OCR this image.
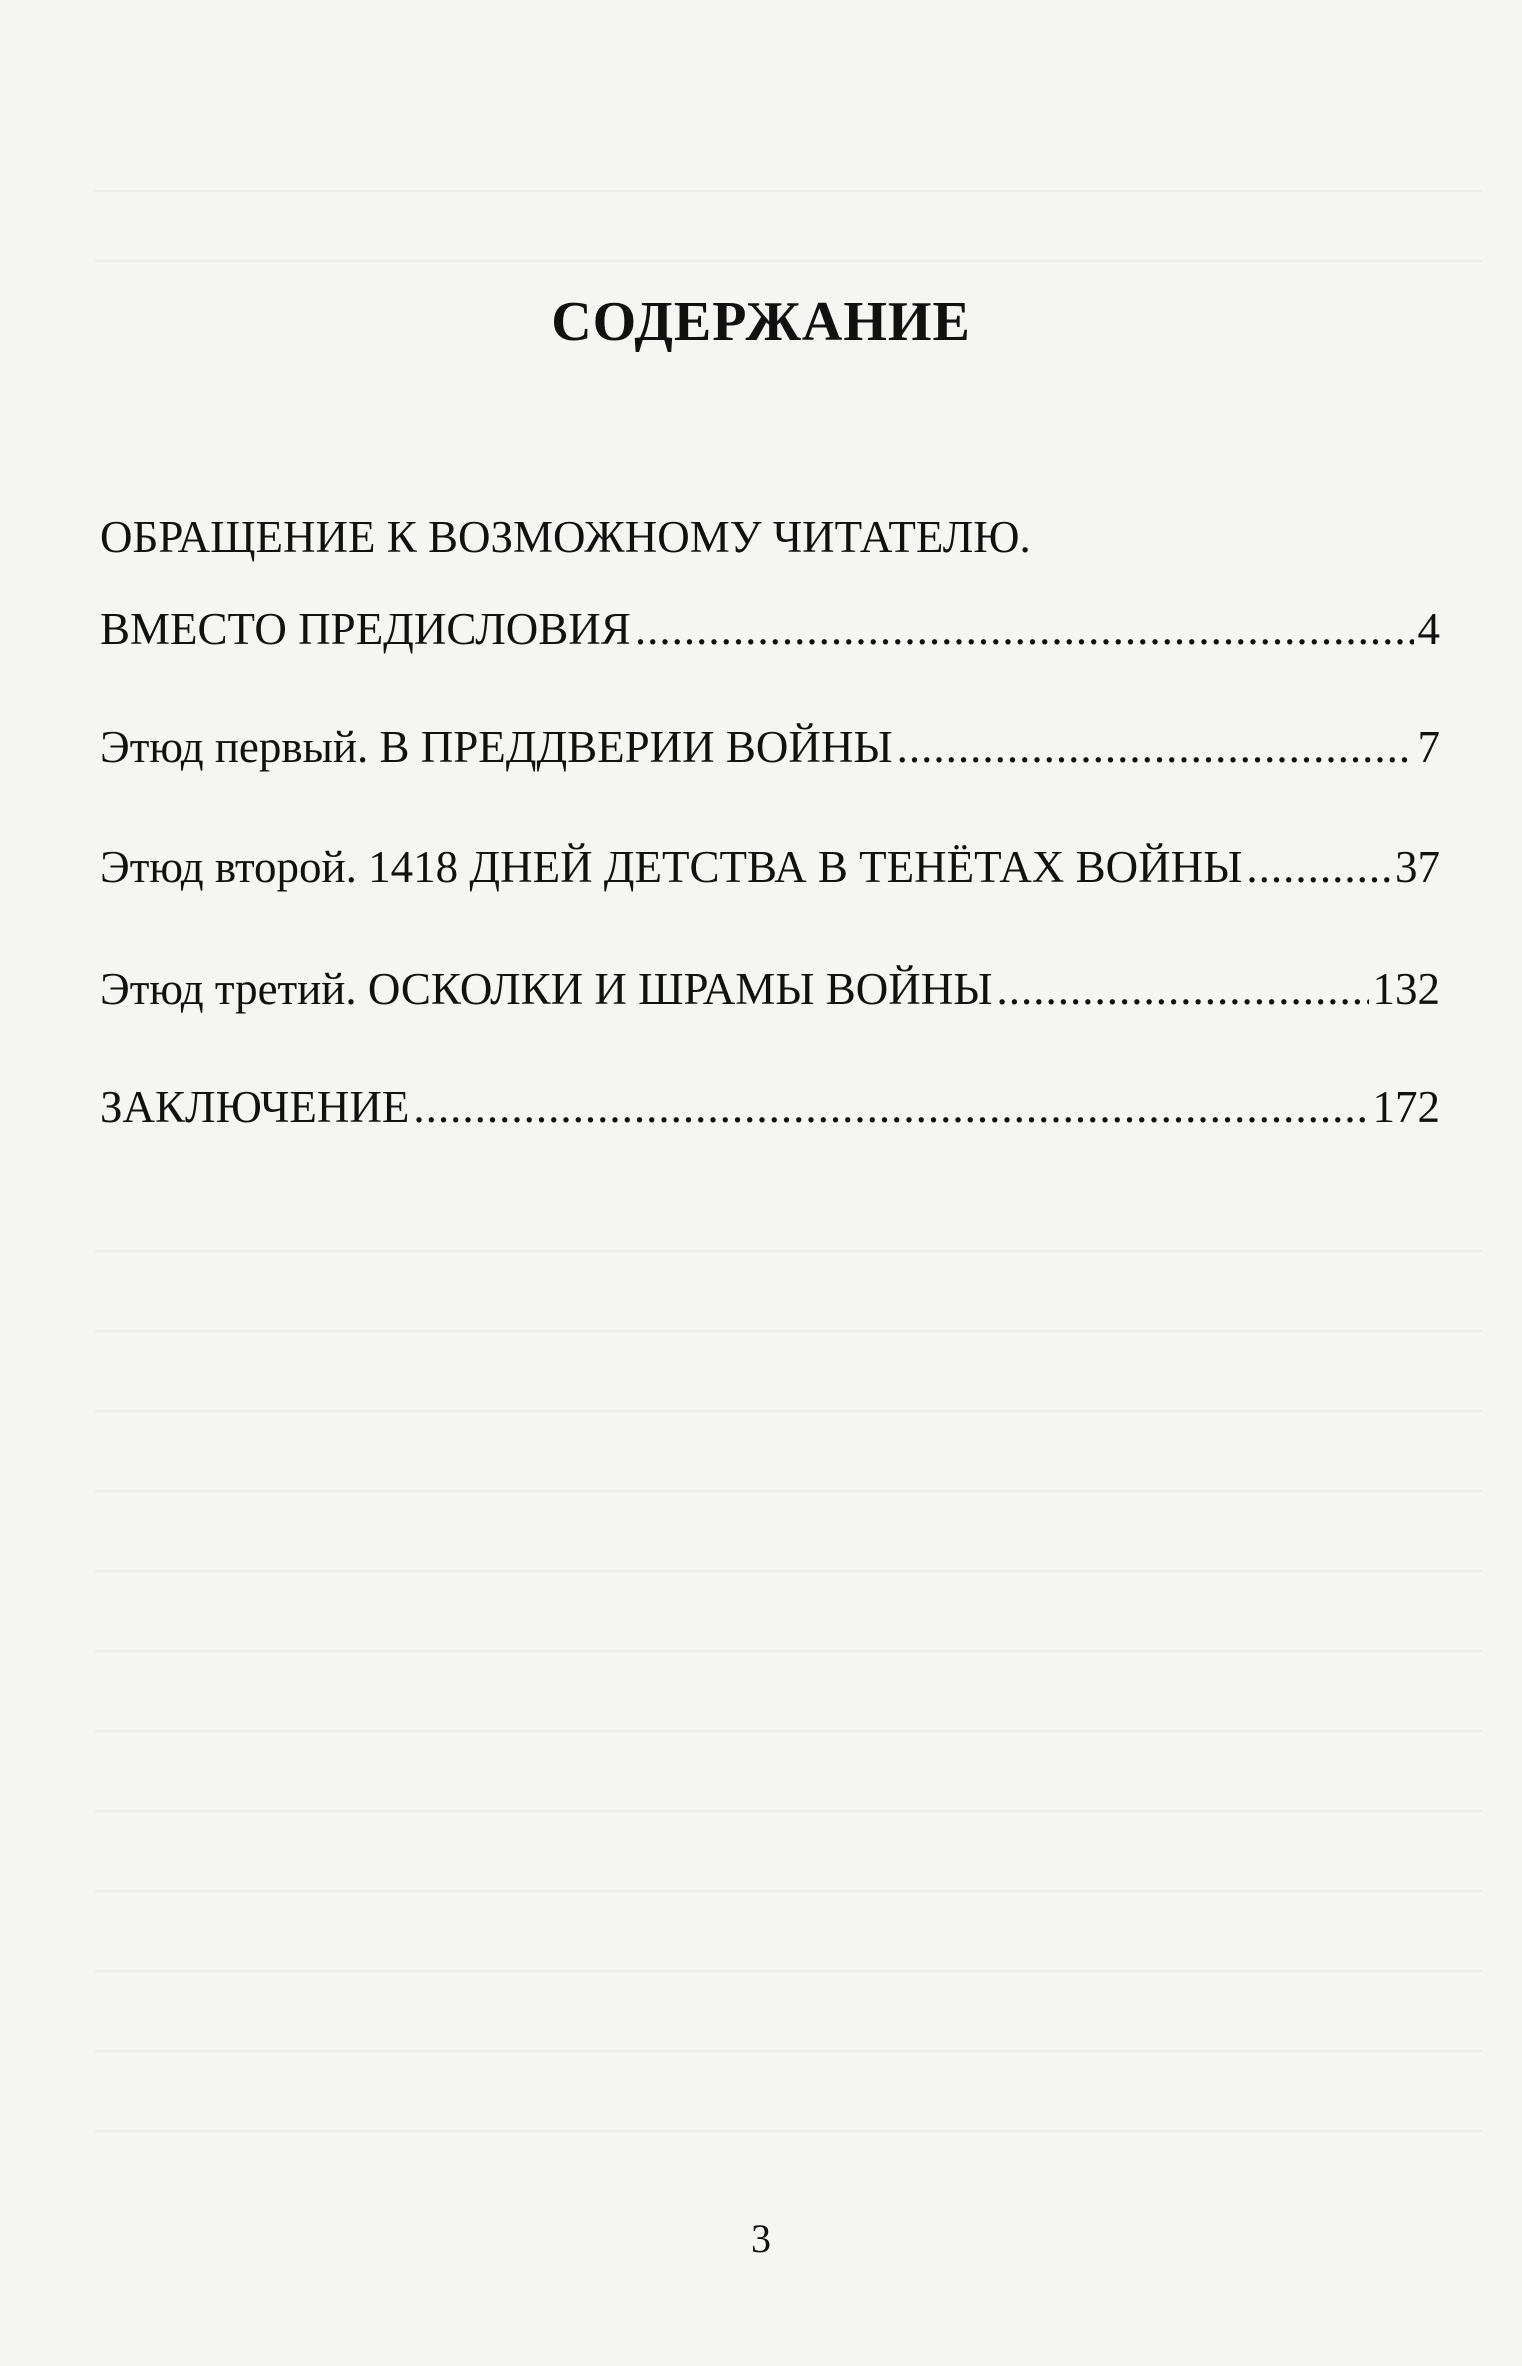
СОДЕРЖАНИЕ
ОБРАЩЕНИЕ К ВОЗМОЖНОМУ ЧИТАТЕЛЮ.
ВМЕСТО ПРЕДИСЛОВИЯ .....	4
Этюд первый. В ПРЕДДВЕРИИ ВОЙНЫ .....	7
Этюд второй. 1418 ДНЕЙ ДЕТСТВА В ТЕНЁТАХ ВОЙНЫ .....	37
Этюд третий. ОСКОЛКИ И ШРАМЫ ВОЙНЫ .....	132
ЗАКЛЮЧЕНИЕ .....	172
3
